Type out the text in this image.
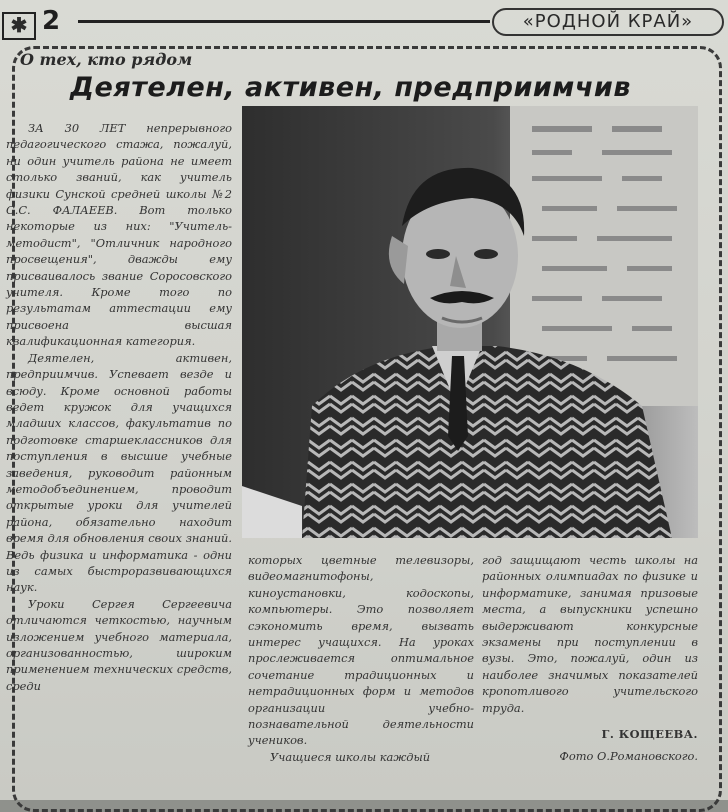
✱ 2	«РОДНОЙ КРАЙ»
О тех, кто рядом
Деятелен, активен, предприимчив

ЗА 30 ЛЕТ непрерывного педагогического стажа, пожалуй, ни один учитель района не имеет столько званий, как учитель физики Сунской средней школы №2 С.С. ФАЛАЕЕВ. Вот только некоторые из них: "Учитель-методист", "Отличник народного просвещения", дважды ему присваивалось звание Соросовского учителя. Кроме того по результатам аттестации ему присвоена высшая квалификационная категория.

Деятелен, активен, предприимчив. Успевает везде и всюду. Кроме основной работы ведет кружок для учащихся младших классов, факультатив по подготовке старшеклассников для поступления в высшие учебные заведения, руководит районным методобъединением, проводит открытые уроки для учителей района, обязательно находит время для обновления своих знаний. Ведь физика и информатика - одни из самых быстроразвивающихся наук.

Уроки Сергея Сергеевича отличаются четкостью, научным изложением учебного материала, организованностью, широким применением технических средств, среди

которых цветные телевизоры, видеомагнитофоны, киноустановки, кодоскопы, компьютеры. Это позволяет сэкономить время, вызвать интерес учащихся. На уроках прослеживается оптимальное сочетание традиционных и нетрадиционных форм и методов организации учебно-познавательной деятельности учеников.

Учащиеся школы каждый

год защищают честь школы на районных олимпиадах по физике и информатике, занимая призовые места, а выпускники успешно выдерживают конкурсные экзамены при поступлении в вузы. Это, пожалуй, один из наиболее значимых показателей кропотливого учительского труда.

Г. КОЩЕЕВА.
Фото О.Романовского.
